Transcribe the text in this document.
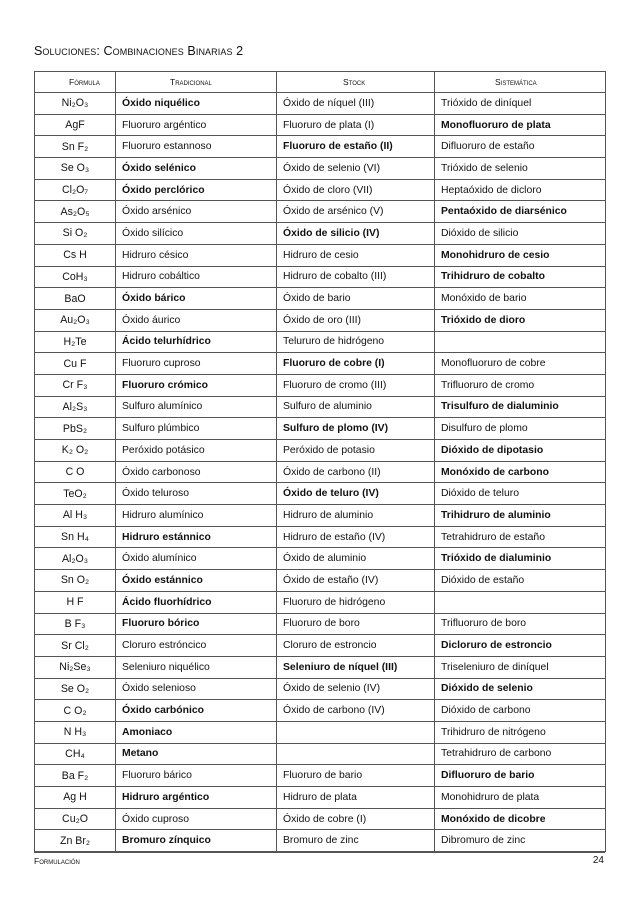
Soluciones: Combinaciones Binarias 2
Fórmula	Tradicional	Stock	Sistemática
Ni₂O₃	Óxido niquélico	Óxido de níquel (III)	Trióxido de diníquel
AgF	Fluoruro argéntico	Fluoruro de plata (I)	Monofluoruro de plata
Sn F₂	Fluoruro estannoso	Fluoruro de estaño (II)	Difluoruro de estaño
Se O₃	Óxido selénico	Óxido de selenio (VI)	Trióxido de selenio
Cl₂O₇	Óxido perclórico	Óxido de cloro (VII)	Heptaóxido de dicloro
As₂O₅	Óxido arsénico	Óxido de arsénico (V)	Pentaóxido de diarsénico
Si O₂	Óxido silícico	Óxido de silicio (IV)	Dióxido de silicio
Cs H	Hidruro césico	Hidruro de cesio	Monohidruro de cesio
CoH₃	Hidruro cobáltico	Hidruro de cobalto (III)	Trihidruro de cobalto
BaO	Óxido bárico	Óxido de bario	Monóxido de bario
Au₂O₃	Óxido áurico	Óxido de oro (III)	Trióxido de dioro
H₂Te	Ácido telurhídrico	Telururo de hidrógeno	
Cu F	Fluoruro cuproso	Fluoruro de cobre (I)	Monofluoruro de cobre
Cr F₃	Fluoruro crómico	Fluoruro de cromo (III)	Trifluoruro de cromo
Al₂S₃	Sulfuro alumínico	Sulfuro de aluminio	Trisulfuro de dialuminio
PbS₂	Sulfuro plúmbico	Sulfuro de plomo (IV)	Disulfuro de plomo
K₂ O₂	Peróxido potásico	Peróxido de potasio	Dióxido de dipotasio
C O	Óxido carbonoso	Óxido de carbono (II)	Monóxido de carbono
TeO₂	Óxido teluroso	Óxido de teluro (IV)	Dióxido de teluro
Al H₃	Hidruro alumínico	Hidruro de aluminio	Trihidruro de aluminio
Sn H₄	Hidruro estánnico	Hidruro de estaño (IV)	Tetrahidruro de estaño
Al₂O₃	Óxido alumínico	Óxido de aluminio	Trióxido de dialuminio
Sn O₂	Óxido estánnico	Óxido de estaño (IV)	Dióxido de estaño
H F	Ácido fluorhídrico	Fluoruro de hidrógeno	
B F₃	Fluoruro bórico	Fluoruro de boro	Trifluoruro de boro
Sr Cl₂	Cloruro estróncico	Cloruro de estroncio	Dicloruro de estroncio
Ni₂Se₃	Seleniuro niquélico	Seleniuro de níquel (III)	Triseleniuro de diníquel
Se O₂	Óxido selenioso	Óxido de selenio (IV)	Dióxido de selenio
C O₂	Óxido carbónico	Óxido de carbono (IV)	Dióxido de carbono
N H₃	Amoniaco		Trihidruro de nitrógeno
CH₄	Metano		Tetrahidruro de carbono
Ba F₂	Fluoruro bárico	Fluoruro de bario	Difluoruro de bario
Ag H	Hidruro argéntico	Hidruro de plata	Monohidruro de plata
Cu₂O	Óxido cuproso	Óxido de cobre (I)	Monóxido de dicobre
Zn Br₂	Bromuro zínquico	Bromuro de zinc	Dibromuro de zinc
Formulación	24
